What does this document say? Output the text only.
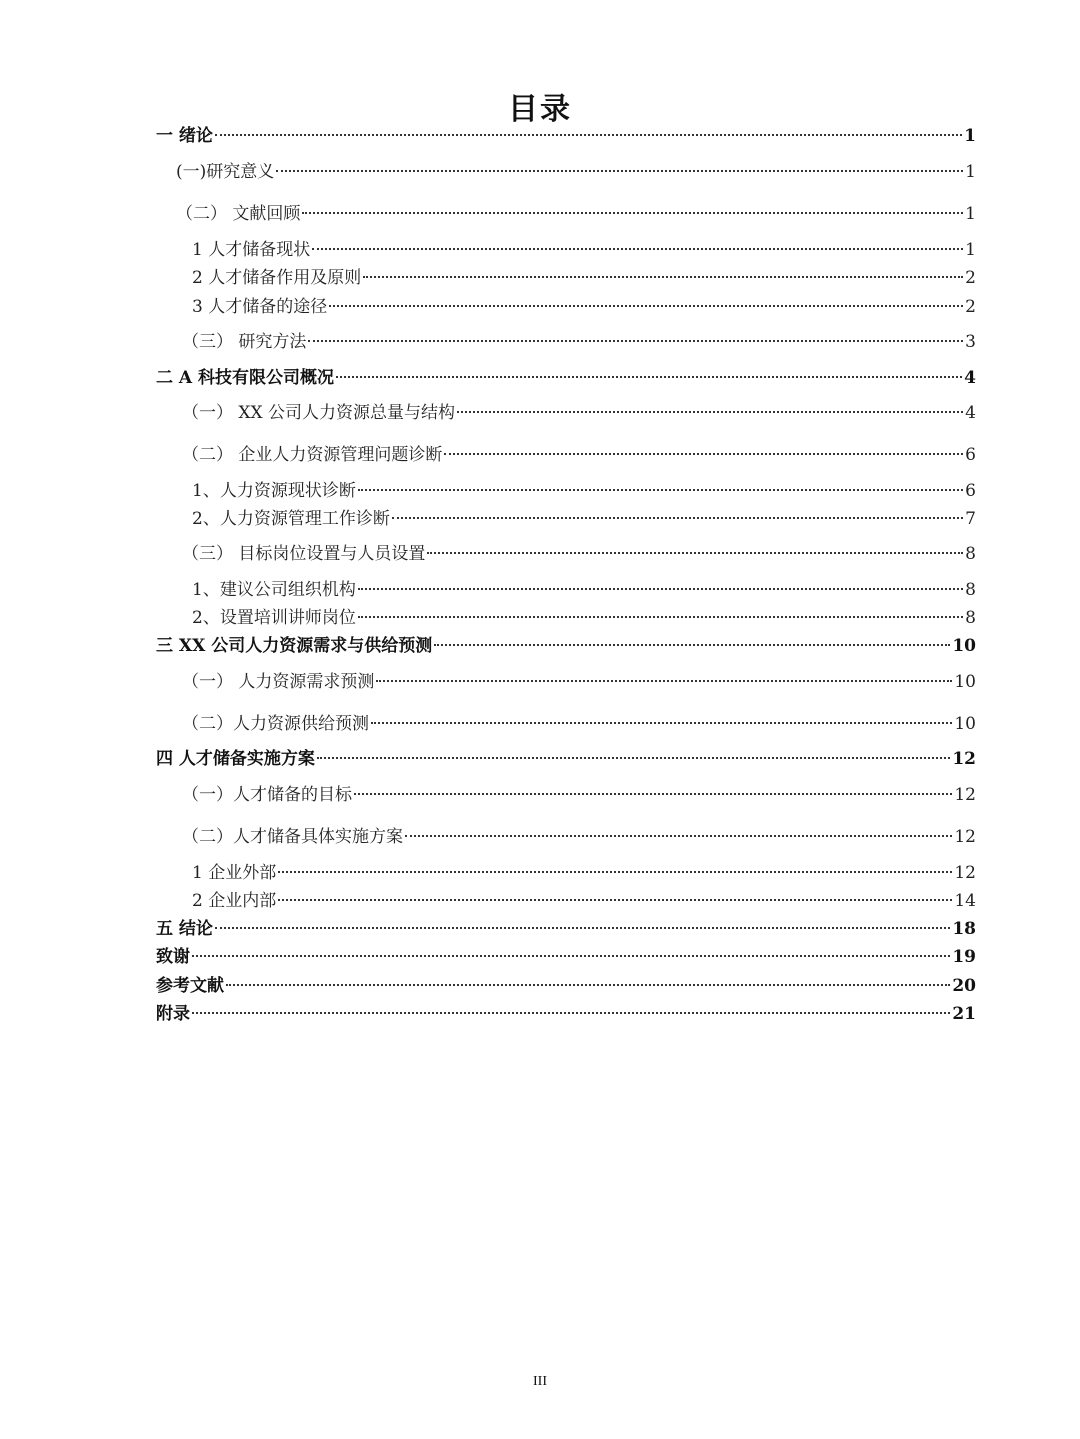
目录
一 绪论	1
(一)研究意义	1
（二） 文献回顾	1
1 人才储备现状	1
2 人才储备作用及原则	2
3 人才储备的途径	2
（三） 研究方法	3
二 A 科技有限公司概况	4
（一） XX 公司人力资源总量与结构	4
（二） 企业人力资源管理问题诊断	6
1、人力资源现状诊断	6
2、人力资源管理工作诊断	7
（三） 目标岗位设置与人员设置	8
1、建议公司组织机构	8
2、设置培训讲师岗位	8
三 XX 公司人力资源需求与供给预测	10
（一） 人力资源需求预测	10
（二）人力资源供给预测	10
四 人才储备实施方案	12
（一）人才储备的目标	12
（二）人才储备具体实施方案	12
1 企业外部	12
2 企业内部	14
五 结论	18
致谢	19
参考文献	20
附录	21
III
